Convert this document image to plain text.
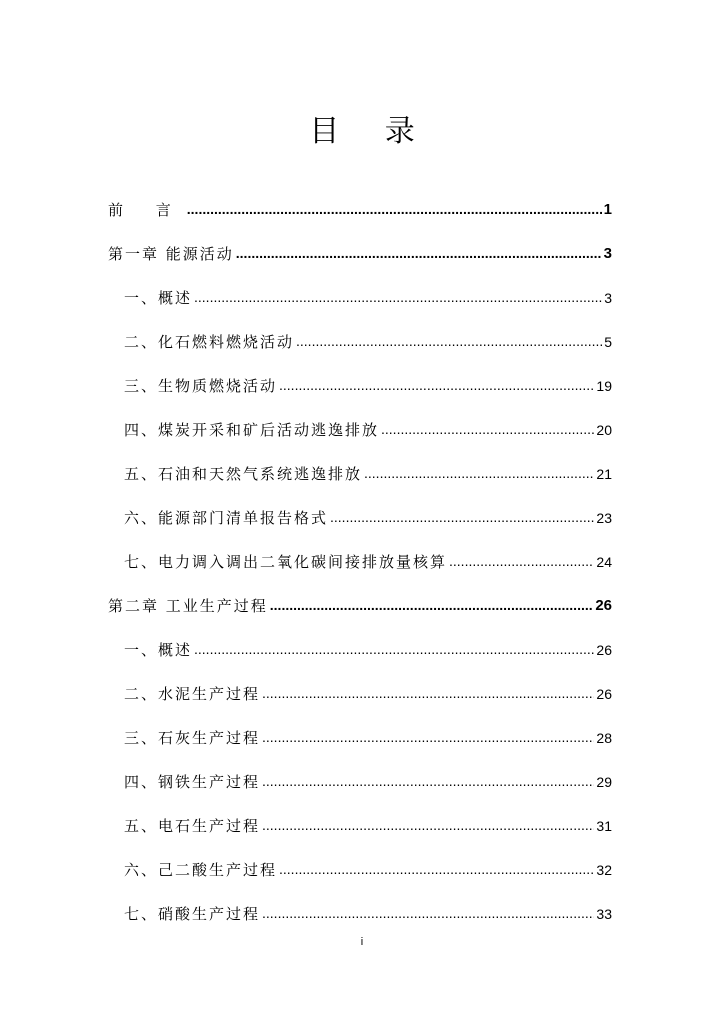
目 录
前 言 .....	1
第一章 能源活动 .....	3
一、概述 .....	3
二、化石燃料燃烧活动 .....	5
三、生物质燃烧活动 .....	19
四、煤炭开采和矿后活动逃逸排放 .....	20
五、石油和天然气系统逃逸排放 .....	21
六、能源部门清单报告格式 .....	23
七、电力调入调出二氧化碳间接排放量核算 .....	24
第二章 工业生产过程 .....	26
一、概述 .....	26
二、水泥生产过程 .....	26
三、石灰生产过程 .....	28
四、钢铁生产过程 .....	29
五、电石生产过程 .....	31
六、己二酸生产过程 .....	32
七、硝酸生产过程 .....	33
i
